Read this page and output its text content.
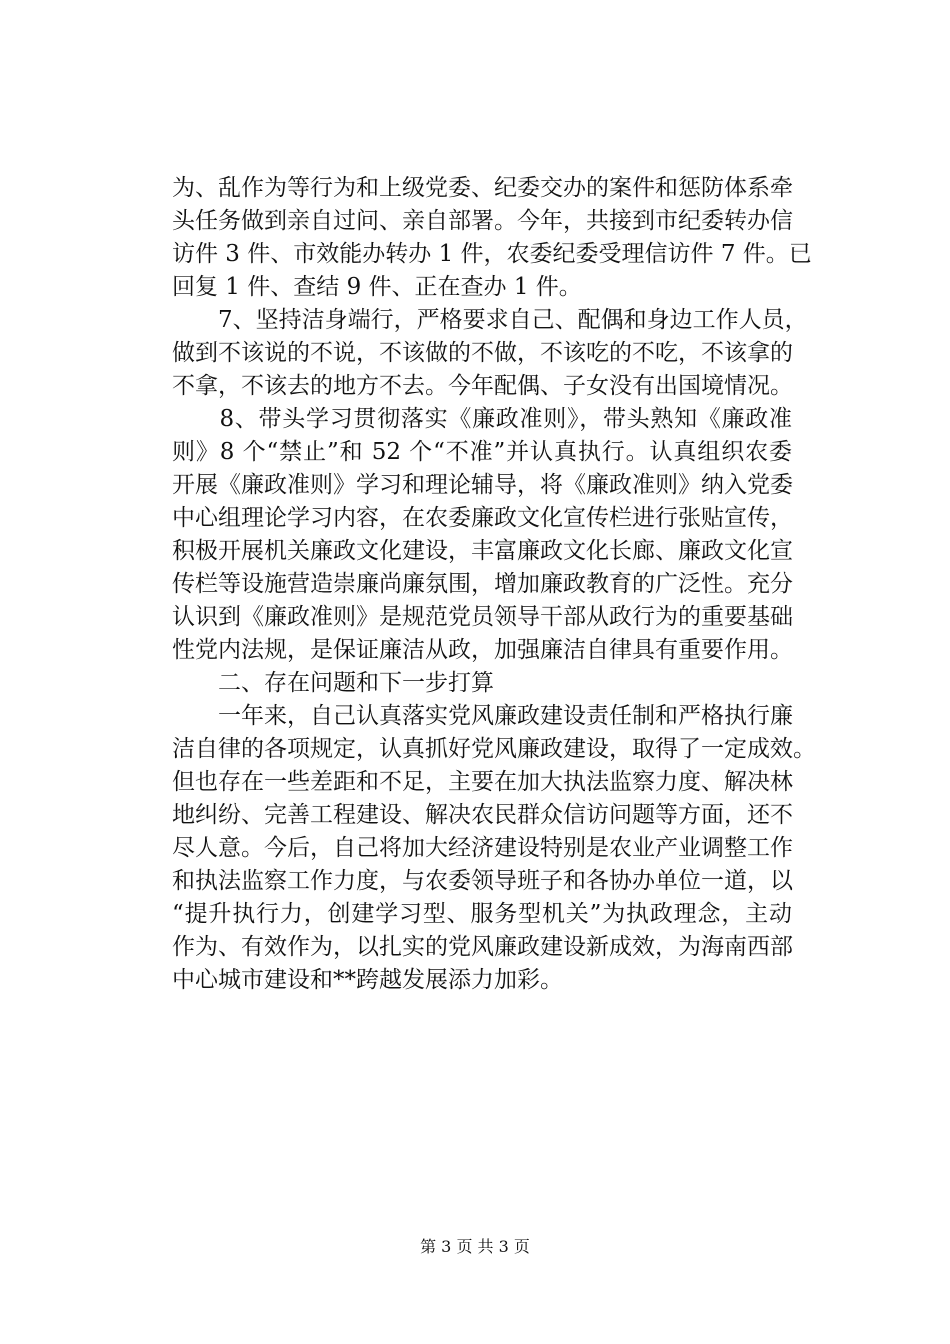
为、乱作为等行为和上级党委、纪委交办的案件和惩防体系牵
头任务做到亲自过问、亲自部署。今年，共接到市纪委转办信
访件 3 件、市效能办转办 1 件，农委纪委受理信访件 7 件。已
回复 1 件、查结 9 件、正在查办 1 件。
　　7、坚持洁身端行，严格要求自己、配偶和身边工作人员，
做到不该说的不说，不该做的不做，不该吃的不吃，不该拿的
不拿，不该去的地方不去。今年配偶、子女没有出国境情况。
　　8、带头学习贯彻落实《廉政准则》，带头熟知《廉政准
则》8 个“禁止”和 52 个“不准”并认真执行。认真组织农委
开展《廉政准则》学习和理论辅导，将《廉政准则》纳入党委
中心组理论学习内容，在农委廉政文化宣传栏进行张贴宣传，
积极开展机关廉政文化建设，丰富廉政文化长廊、廉政文化宣
传栏等设施营造崇廉尚廉氛围，增加廉政教育的广泛性。充分
认识到《廉政准则》是规范党员领导干部从政行为的重要基础
性党内法规，是保证廉洁从政，加强廉洁自律具有重要作用。
　　二、存在问题和下一步打算
　　一年来，自己认真落实党风廉政建设责任制和严格执行廉
洁自律的各项规定，认真抓好党风廉政建设，取得了一定成效。
但也存在一些差距和不足，主要在加大执法监察力度、解决林
地纠纷、完善工程建设、解决农民群众信访问题等方面，还不
尽人意。今后，自己将加大经济建设特别是农业产业调整工作
和执法监察工作力度，与农委领导班子和各协办单位一道，以
“提升执行力，创建学习型、服务型机关”为执政理念，主动
作为、有效作为，以扎实的党风廉政建设新成效，为海南西部
中心城市建设和**跨越发展添力加彩。
第 3 页 共 3 页
